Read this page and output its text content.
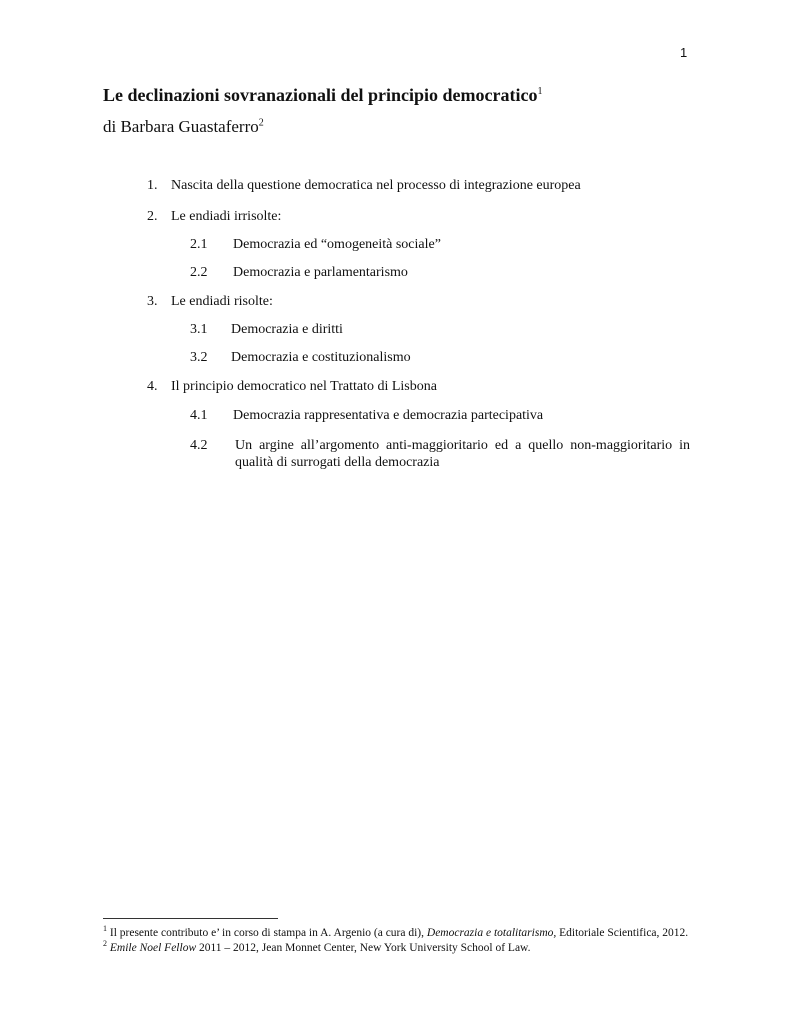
1
Le declinazioni sovranazionali del principio democratico$^1$
di Barbara Guastaferro$^2$
1. Nascita della questione democratica nel processo di integrazione europea
2. Le endiadi irrisolte:
2.1 Democrazia ed “omogeneità sociale”
2.2 Democrazia e parlamentarismo
3. Le endiadi risolte:
3.1 Democrazia e diritti
3.2 Democrazia e costituzionalismo
4. Il principio democratico nel Trattato di Lisbona
4.1 Democrazia rappresentativa e democrazia partecipativa
4.2 Un argine all’argomento anti-maggioritario ed a quello non-maggioritario in qualità di surrogati della democrazia
$^1$ Il presente contributo e’ in corso di stampa in A. Argenio (a cura di), Democrazia e totalitarismo, Editoriale Scientifica, 2012.
$^2$ Emile Noel Fellow 2011 – 2012, Jean Monnet Center, New York University School of Law.
